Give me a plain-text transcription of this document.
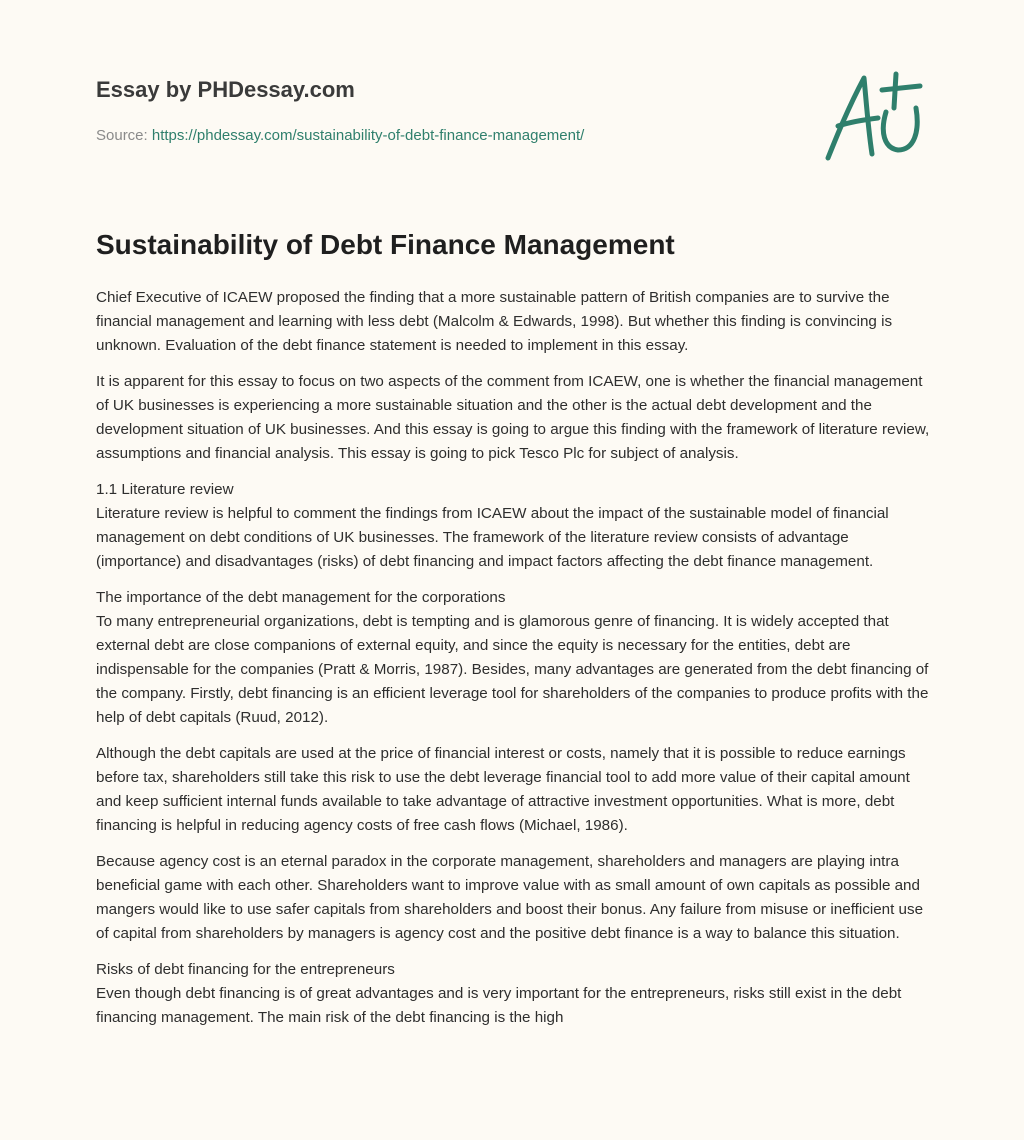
Essay by PHDessay.com
Source: https://phdessay.com/sustainability-of-debt-finance-management/
Sustainability of Debt Finance Management

Chief Executive of ICAEW proposed the finding that a more sustainable pattern of British companies are to survive the financial management and learning with less debt (Malcolm & Edwards, 1998). But whether this finding is convincing is unknown. Evaluation of the debt finance statement is needed to implement in this essay.

It is apparent for this essay to focus on two aspects of the comment from ICAEW, one is whether the financial management of UK businesses is experiencing a more sustainable situation and the other is the actual debt development and the development situation of UK businesses. And this essay is going to argue this finding with the framework of literature review, assumptions and financial analysis. This essay is going to pick Tesco Plc for subject of analysis.

1.1 Literature review
Literature review is helpful to comment the findings from ICAEW about the impact of the sustainable model of financial management on debt conditions of UK businesses. The framework of the literature review consists of advantage (importance) and disadvantages (risks) of debt financing and impact factors affecting the debt finance management.

The importance of the debt management for the corporations
To many entrepreneurial organizations, debt is tempting and is glamorous genre of financing. It is widely accepted that external debt are close companions of external equity, and since the equity is necessary for the entities, debt are indispensable for the companies (Pratt & Morris, 1987). Besides, many advantages are generated from the debt financing of the company. Firstly, debt financing is an efficient leverage tool for shareholders of the companies to produce profits with the help of debt capitals (Ruud, 2012).

Although the debt capitals are used at the price of financial interest or costs, namely that it is possible to reduce earnings before tax, shareholders still take this risk to use the debt leverage financial tool to add more value of their capital amount and keep sufficient internal funds available to take advantage of attractive investment opportunities. What is more, debt financing is helpful in reducing agency costs of free cash flows (Michael, 1986).

Because agency cost is an eternal paradox in the corporate management, shareholders and managers are playing intra beneficial game with each other. Shareholders want to improve value with as small amount of own capitals as possible and mangers would like to use safer capitals from shareholders and boost their bonus. Any failure from misuse or inefficient use of capital from shareholders by managers is agency cost and the positive debt finance is a way to balance this situation.

Risks of debt financing for the entrepreneurs
Even though debt financing is of great advantages and is very important for the entrepreneurs, risks still exist in the debt financing management. The main risk of the debt financing is the high
